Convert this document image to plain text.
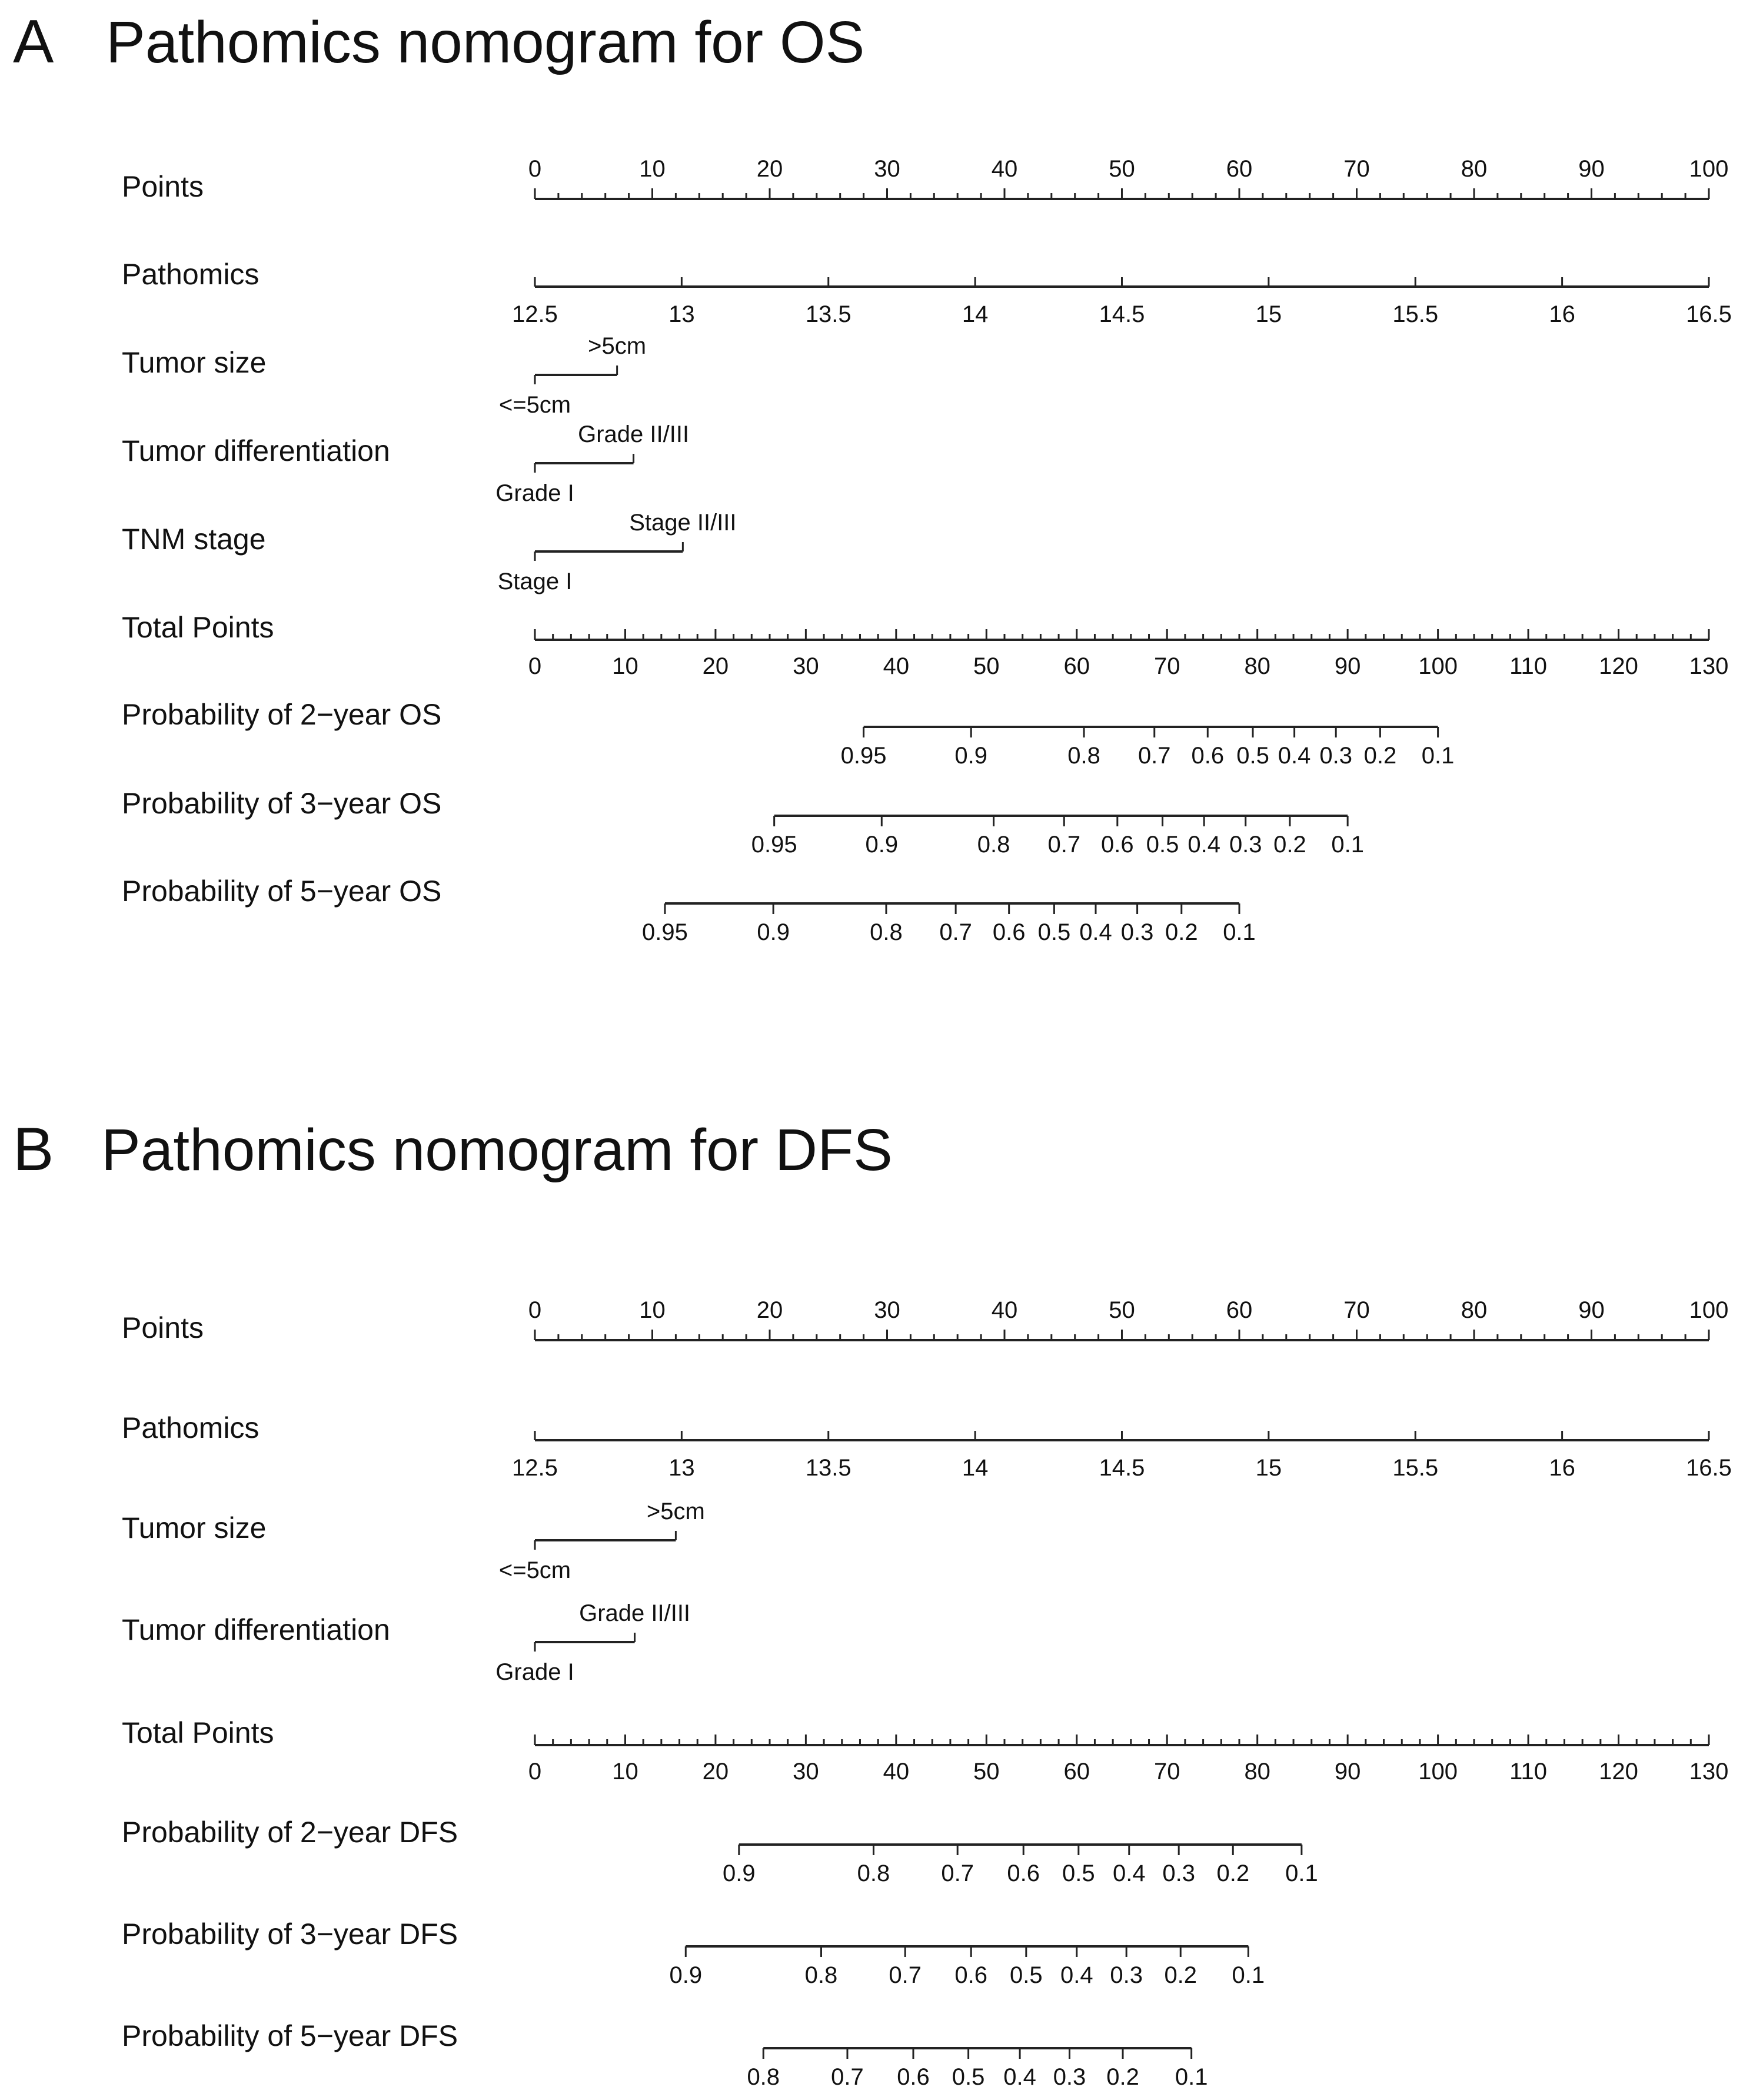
A Pathomics nomogram for OS
B Pathomics nomogram for DFS
Points
0	10	20	30	40	50	60	70	80	90	100
Pathomics
12.5	13	13.5	14	14.5	15	15.5	16	16.5
Tumor size
<=5cm
>5cm
Tumor differentiation
Grade I
Grade II/III
TNM stage
Stage I
Stage II/III
Total Points
0	10	20	30	40	50	60	70	80	90 100 110 120 130
Probability of 2−year OS
0.95	0.9	0.8 0.7 0.6 0.5 0.4 0.3 0.2 0.1
Probability of 3−year OS
0.95	0.9	0.8 0.7 0.6 0.5 0.4 0.3 0.2 0.1
Probability of 5−year OS
0.95	0.9	0.8 0.7 0.6 0.5 0.4 0.3 0.2 0.1
Points
0	10	20	30	40	50	60	70	80	90	100
Pathomics
12.5	13	13.5	14	14.5	15	15.5	16	16.5
Tumor size
<=5cm
>5cm
Tumor differentiation
Grade I
Grade II/III
Total Points
0	10	20	30	40	50	60	70	80	90 100 110 120 130
Probability of 2−year DFS
0.9	0.8 0.7 0.6 0.5 0.4 0.3 0.2 0.1
Probability of 3−year DFS
0.9	0.8 0.7 0.6 0.5 0.4 0.3 0.2 0.1
Probability of 5−year DFS
0.8 0.7 0.6 0.5 0.4 0.3 0.2 0.1
